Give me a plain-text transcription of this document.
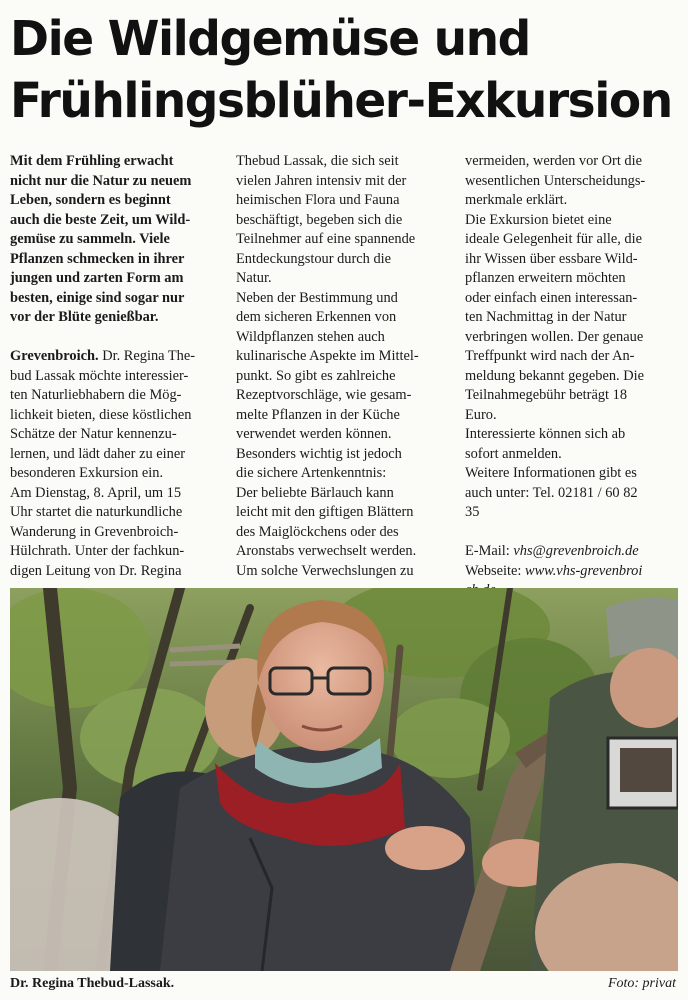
Die Wildgemüse und
Frühlingsblüher-Exkursion
Mit dem Frühling erwacht
nicht nur die Natur zu neuem
Leben, sondern es beginnt
auch die beste Zeit, um Wild-
gemüse zu sammeln. Viele
Pflanzen schmecken in ihrer
jungen und zarten Form am
besten, einige sind sogar nur
vor der Blüte genießbar.
Grevenbroich. Dr. Regina The-
bud Lassak möchte interessier-
ten Naturliebhabern die Mög-
lichkeit bieten, diese köstlichen
Schätze der Natur kennenzu-
lernen, und lädt daher zu einer
besonderen Exkursion ein.
Am Dienstag, 8. April, um 15
Uhr startet die naturkundliche
Wanderung in Grevenbroich-
Hülchrath. Unter der fachkun-
digen Leitung von Dr. Regina
Thebud Lassak, die sich seit
vielen Jahren intensiv mit der
heimischen Flora und Fauna
beschäftigt, begeben sich die
Teilnehmer auf eine spannende
Entdeckungstour durch die
Natur.
Neben der Bestimmung und
dem sicheren Erkennen von
Wildpflanzen stehen auch
kulinarische Aspekte im Mittel-
punkt. So gibt es zahlreiche
Rezeptvorschläge, wie gesam-
melte Pflanzen in der Küche
verwendet werden können.
Besonders wichtig ist jedoch
die sichere Artenkenntnis:
Der beliebte Bärlauch kann
leicht mit den giftigen Blättern
des Maiglöckchens oder des
Aronstabs verwechselt werden.
Um solche Verwechslungen zu
vermeiden, werden vor Ort die
wesentlichen Unterscheidungs-
merkmale erklärt.
Die Exkursion bietet eine
ideale Gelegenheit für alle, die
ihr Wissen über essbare Wild-
pflanzen erweitern möchten
oder einfach einen interessan-
ten Nachmittag in der Natur
verbringen wollen. Der genaue
Treffpunkt wird nach der An-
meldung bekannt gegeben. Die
Teilnahmegebühr beträgt 18
Euro.
Interessierte können sich ab
sofort anmelden.
Weitere Informationen gibt es
auch unter: Tel. 02181 / 60 82
35
E-Mail: vhs@grevenbroich.de
Webseite: www.vhs-grevenbroi
Dr. Regina Thebud-Lassak.	Foto: privat
